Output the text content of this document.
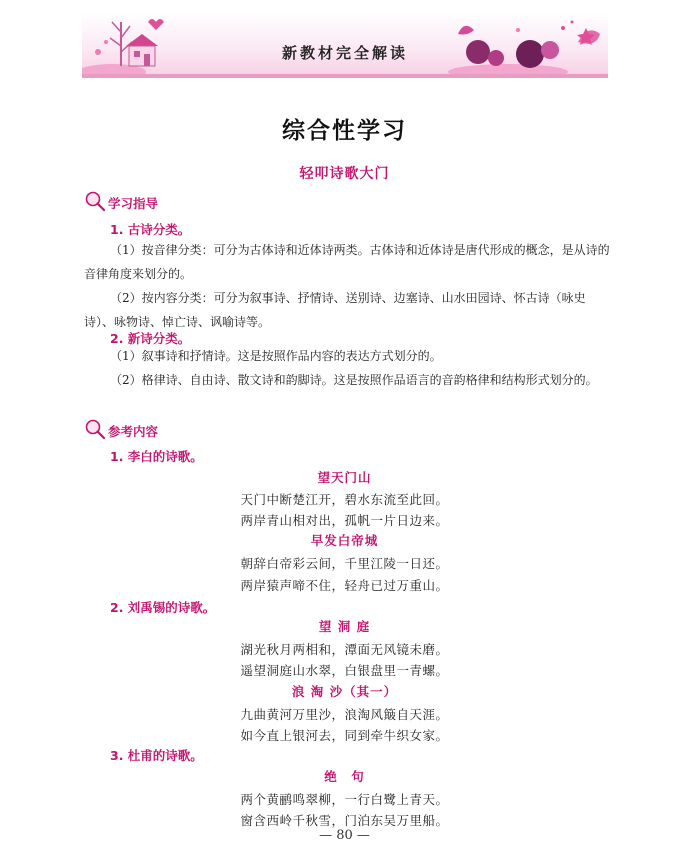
新教材完全解读
综合性学习
轻叩诗歌大门
学习指导
1. 古诗分类。
（1）按音律分类：可分为古体诗和近体诗两类。古体诗和近体诗是唐代形成的概念，是从诗的音律角度来划分的。
（2）按内容分类：可分为叙事诗、抒情诗、送别诗、边塞诗、山水田园诗、怀古诗（咏史诗）、咏物诗、悼亡诗、讽喻诗等。
2. 新诗分类。
（1）叙事诗和抒情诗。这是按照作品内容的表达方式划分的。
（2）格律诗、自由诗、散文诗和韵脚诗。这是按照作品语言的音韵格律和结构形式划分的。
参考内容
1. 李白的诗歌。
望天门山
天门中断楚江开，碧水东流至此回。
两岸青山相对出，孤帆一片日边来。
早发白帝城
朝辞白帝彩云间，千里江陵一日还。
两岸猿声啼不住，轻舟已过万重山。
2. 刘禹锡的诗歌。
望 洞 庭
湖光秋月两相和，潭面无风镜未磨。
遥望洞庭山水翠，白银盘里一青螺。
浪 淘 沙（其一）
九曲黄河万里沙，浪淘风簸自天涯。
如今直上银河去，同到牵牛织女家。
3. 杜甫的诗歌。
绝　句
两个黄鹂鸣翠柳，一行白鹭上青天。
窗含西岭千秋雪，门泊东吴万里船。
— 80 —
